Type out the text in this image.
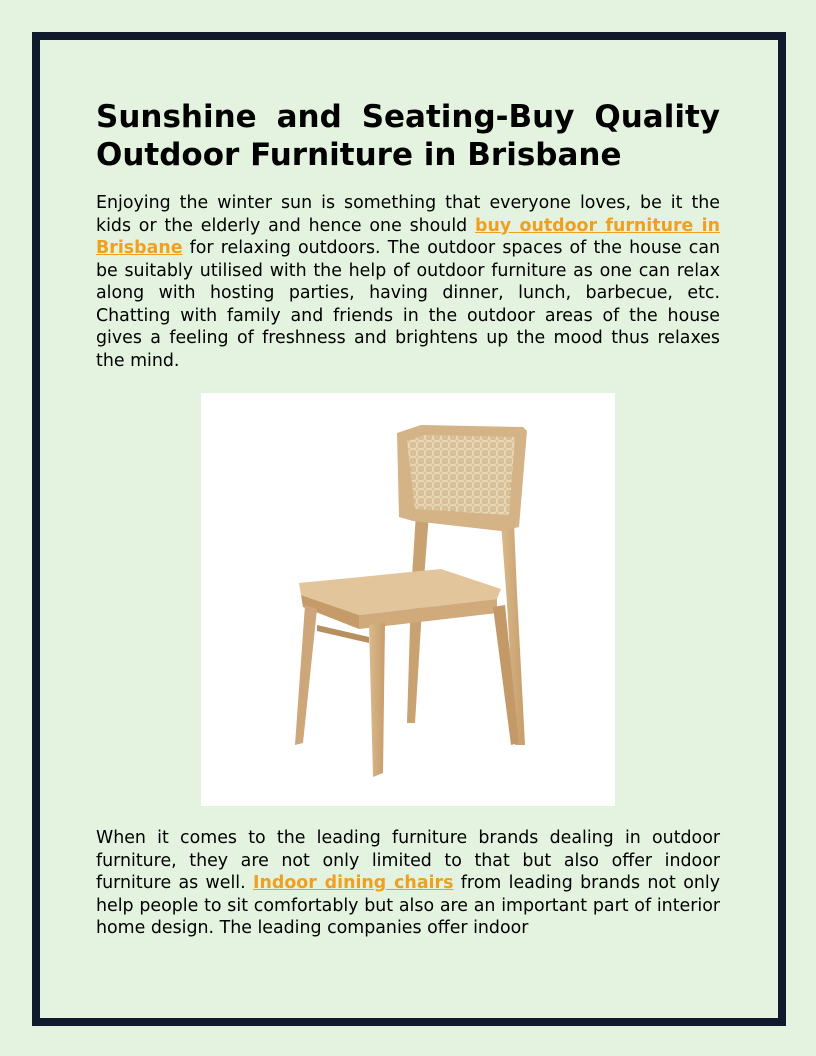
Sunshine and Seating-Buy Quality Outdoor Furniture in Brisbane

Enjoying the winter sun is something that everyone loves, be it the kids or the elderly and hence one should buy outdoor furniture in Brisbane for relaxing outdoors. The outdoor spaces of the house can be suitably utilised with the help of outdoor furniture as one can relax along with hosting parties, having dinner, lunch, barbecue, etc. Chatting with family and friends in the outdoor areas of the house gives a feeling of freshness and brightens up the mood thus relaxes the mind.

When it comes to the leading furniture brands dealing in outdoor furniture, they are not only limited to that but also offer indoor furniture as well. Indoor dining chairs from leading brands not only help people to sit comfortably but also are an important part of interior home design. The leading companies offer indoor
